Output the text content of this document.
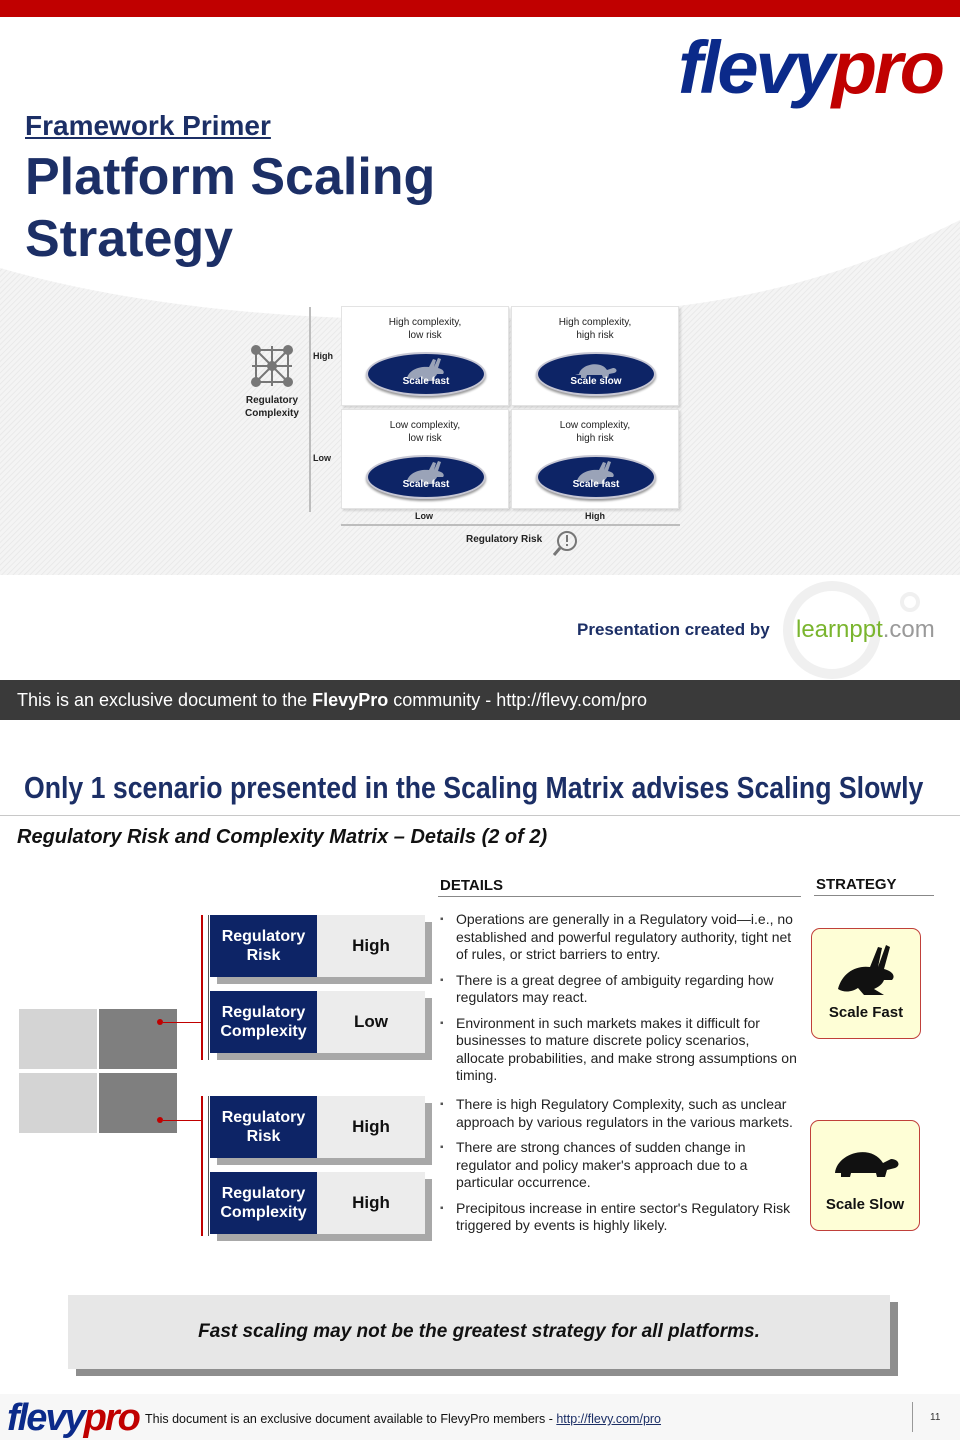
flevypro
Framework Primer
Platform Scaling Strategy
Regulatory Complexity
High
Low
High complexity,
low risk
Scale fast
High complexity,
high risk
Scale slow
Low complexity,
low risk
Scale fast
Low complexity,
high risk
Scale fast
Low	High
Regulatory Risk
Presentation created by learnppt.com
This is an exclusive document to the FlevyPro community - http://flevy.com/pro
Only 1 scenario presented in the Scaling Matrix advises Scaling Slowly
Regulatory Risk and Complexity Matrix – Details (2 of 2)
DETAILS	STRATEGY
Regulatory Risk
High
Regulatory Complexity
Low
▪ Operations are generally in a Regulatory void—i.e., no established and powerful regulatory authority, tight net of rules, or strict barriers to entry.
▪ There is a great degree of ambiguity regarding how regulators may react.
▪ Environment in such markets makes it difficult for businesses to mature discrete policy scenarios, allocate probabilities, and make strong assumptions on timing.
Scale Fast
Regulatory Risk
High
Regulatory Complexity
High
▪ There is high Regulatory Complexity, such as unclear approach by various regulators in the various markets.
▪ There are strong chances of sudden change in regulator and policy maker's approach due to a particular occurrence.
▪ Precipitous increase in entire sector's Regulatory Risk triggered by events is highly likely.
Scale Slow
Fast scaling may not be the greatest strategy for all platforms.
flevypro This document is an exclusive document available to FlevyPro members - http://flevy.com/pro	11
